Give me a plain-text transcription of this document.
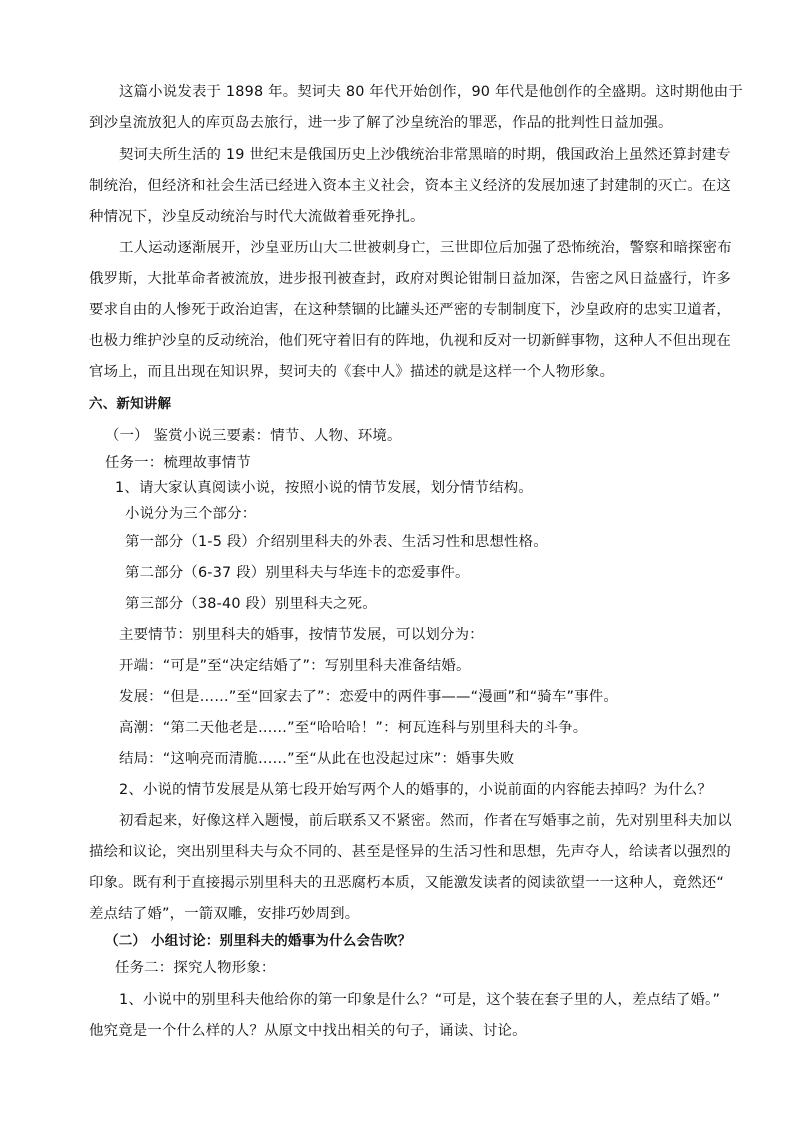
这篇小说发表于 1898 年。契诃夫 80 年代开始创作，90 年代是他创作的全盛期。这时期他由于
到沙皇流放犯人的库页岛去旅行，进一步了解了沙皇统治的罪恶，作品的批判性日益加强。
契诃夫所生活的 19 世纪末是俄国历史上沙俄统治非常黑暗的时期，俄国政治上虽然还算封建专
制统治，但经济和社会生活已经进入资本主义社会，资本主义经济的发展加速了封建制的灭亡。在这
种情况下，沙皇反动统治与时代大流做着垂死挣扎。
工人运动逐渐展开，沙皇亚历山大二世被刺身亡，三世即位后加强了恐怖统治，警察和暗探密布
俄罗斯，大批革命者被流放，进步报刊被查封，政府对舆论钳制日益加深，告密之风日益盛行，许多
要求自由的人惨死于政治迫害，在这种禁锢的比罐头还严密的专制制度下，沙皇政府的忠实卫道者，
也极力维护沙皇的反动统治，他们死守着旧有的阵地，仇视和反对一切新鲜事物，这种人不但出现在
官场上，而且出现在知识界，契诃夫的《套中人》描述的就是这样一个人物形象。
六、新知讲解
（一） 鉴赏小说三要素：情节、人物、环境。
任务一：梳理故事情节
1、请大家认真阅读小说，按照小说的情节发展，划分情节结构。
小说分为三个部分：
第一部分（1-5 段）介绍别里科夫的外表、生活习性和思想性格。
第二部分（6-37 段）别里科夫与华连卡的恋爱事件。
第三部分（38-40 段）别里科夫之死。
主要情节：别里科夫的婚事，按情节发展，可以划分为：
开端：“可是”至“决定结婚了”：写别里科夫准备结婚。
发展：“但是……”至“回家去了”：恋爱中的两件事——“漫画”和“骑车”事件。
高潮：“第二天他老是……”至“哈哈哈！”：柯瓦连科与别里科夫的斗争。
结局：“这响亮而清脆……”至“从此在也没起过床”：婚事失败
2、小说的情节发展是从第七段开始写两个人的婚事的，小说前面的内容能去掉吗？为什么？
初看起来，好像这样入题慢，前后联系又不紧密。然而，作者在写婚事之前，先对别里科夫加以
描绘和议论，突出别里科夫与众不同的、甚至是怪异的生活习性和思想，先声夺人，给读者以强烈的
印象。既有利于直接揭示别里科夫的丑恶腐朽本质，又能激发读者的阅读欲望一一这种人，竟然还“
差点结了婚”，一箭双雕，安排巧妙周到。
（二） 小组讨论：别里科夫的婚事为什么会告吹？
任务二：探究人物形象：
1、小说中的别里科夫他给你的第一印象是什么？“可是，这个装在套子里的人，差点结了婚。”
他究竟是一个什么样的人？从原文中找出相关的句子，诵读、讨论。
